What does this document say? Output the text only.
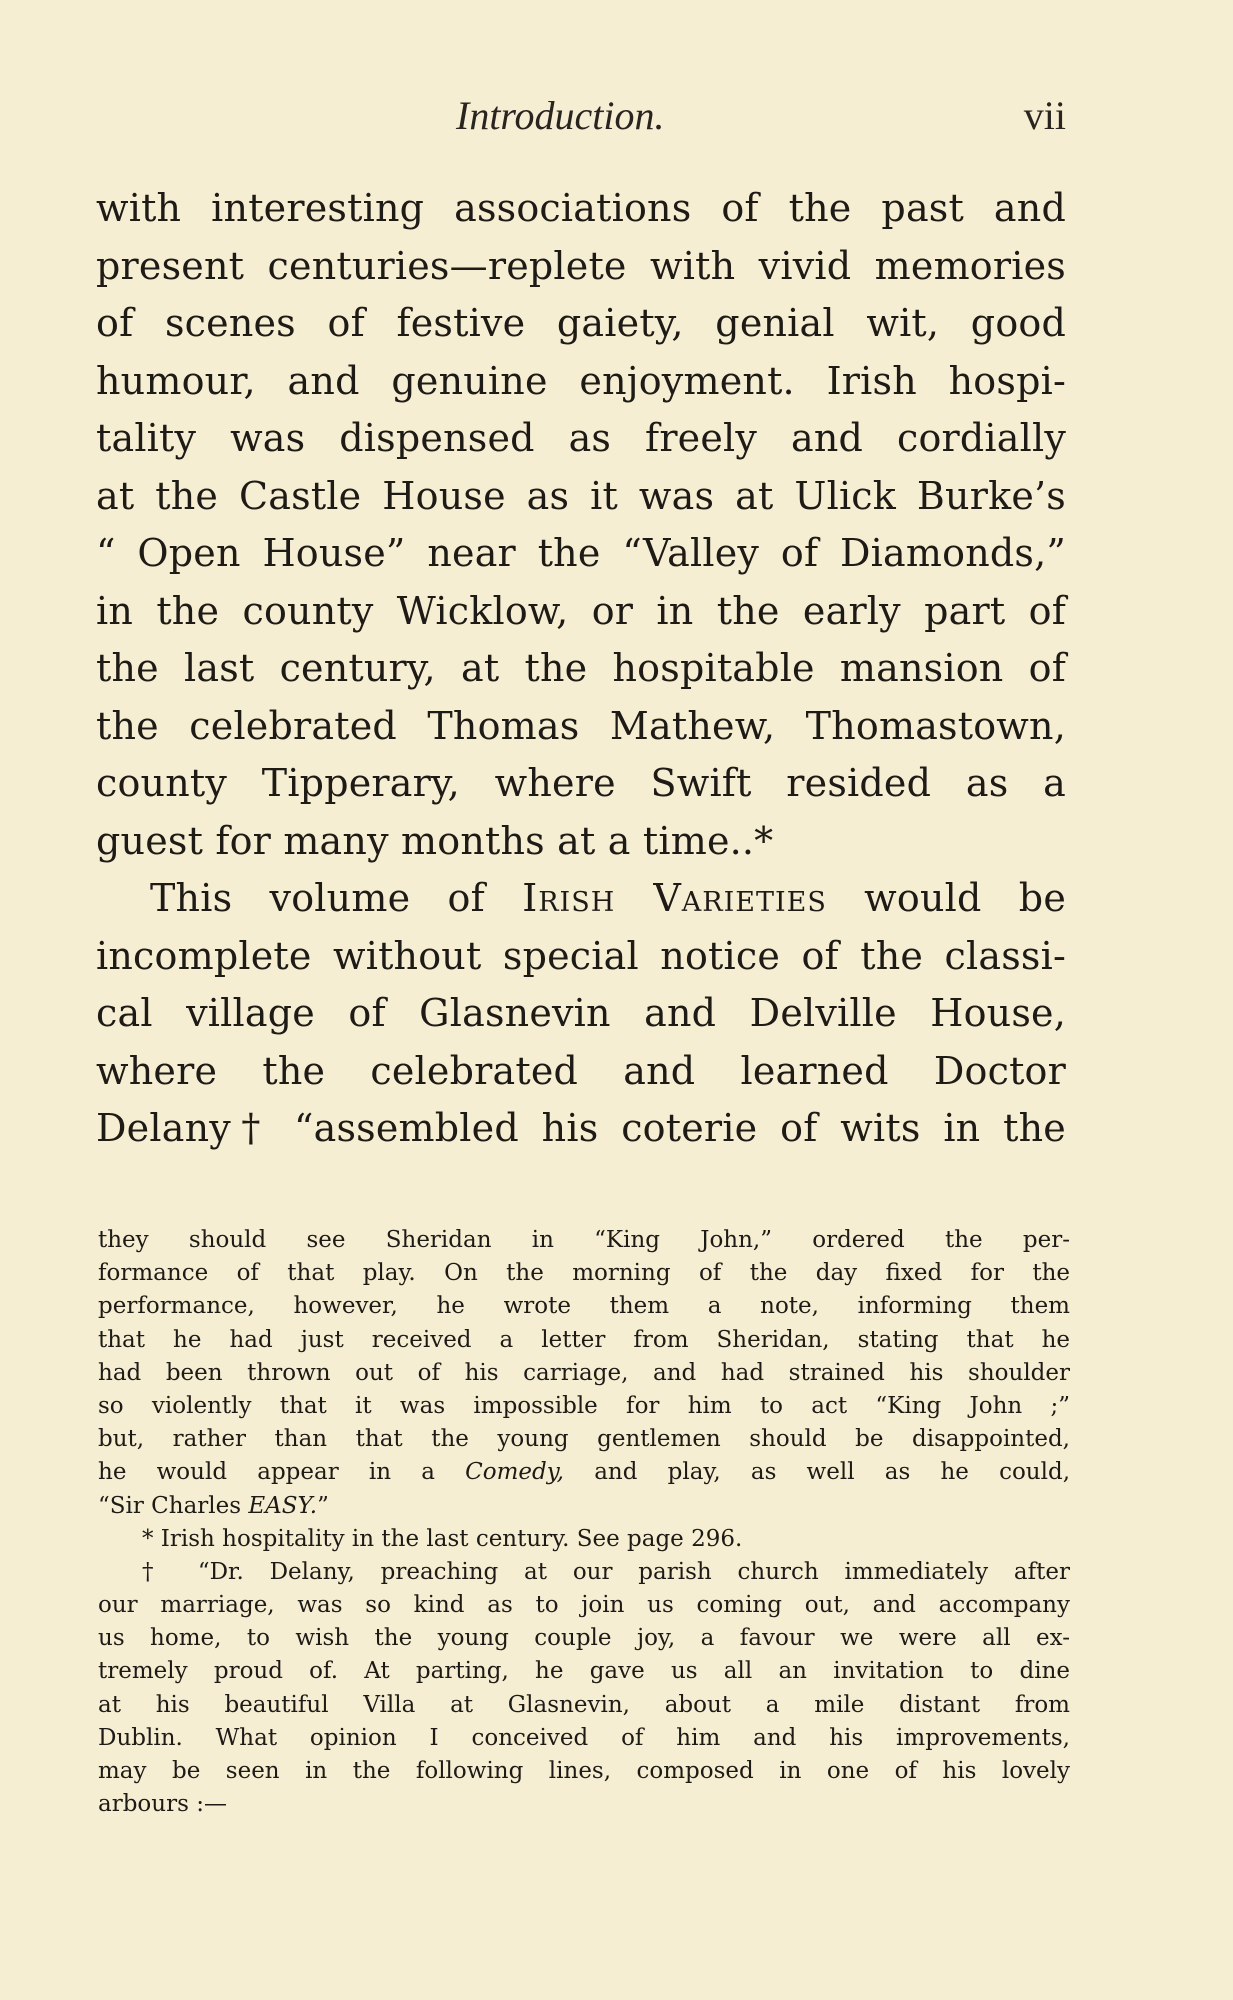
Introduction.	vii
with interesting associations of the past and
present centuries—replete with vivid memories
of scenes of festive gaiety, genial wit, good
humour, and genuine enjoyment. Irish hospi-
tality was dispensed as freely and cordially
at the Castle House as it was at Ulick Burke’s
“ Open House” near the “Valley of Diamonds,”
in the county Wicklow, or in the early part of
the last century, at the hospitable mansion of
the celebrated Thomas Mathew, Thomastown,
county Tipperary, where Swift resided as a
guest for many months at a time..*
This volume of Irish Varieties would be
incomplete without special notice of the classi-
cal village of Glasnevin and Delville House,
where the celebrated and learned Doctor
Delany† “assembled his coterie of wits in the
they should see Sheridan in “King John,” ordered the per-
formance of that play. On the morning of the day fixed for the
performance, however, he wrote them a note, informing them
that he had just received a letter from Sheridan, stating that he
had been thrown out of his carriage, and had strained his shoulder
so violently that it was impossible for him to act “King John ;”
but, rather than that the young gentlemen should be disappointed,
he would appear in a Comedy, and play, as well as he could,
“Sir Charles EASY.”
* Irish hospitality in the last century. See page 296.
† “Dr. Delany, preaching at our parish church immediately after
our marriage, was so kind as to join us coming out, and accompany
us home, to wish the young couple joy, a favour we were all ex-
tremely proud of. At parting, he gave us all an invitation to dine
at his beautiful Villa at Glasnevin, about a mile distant from
Dublin. What opinion I conceived of him and his improvements,
may be seen in the following lines, composed in one of his lovely
arbours :—
